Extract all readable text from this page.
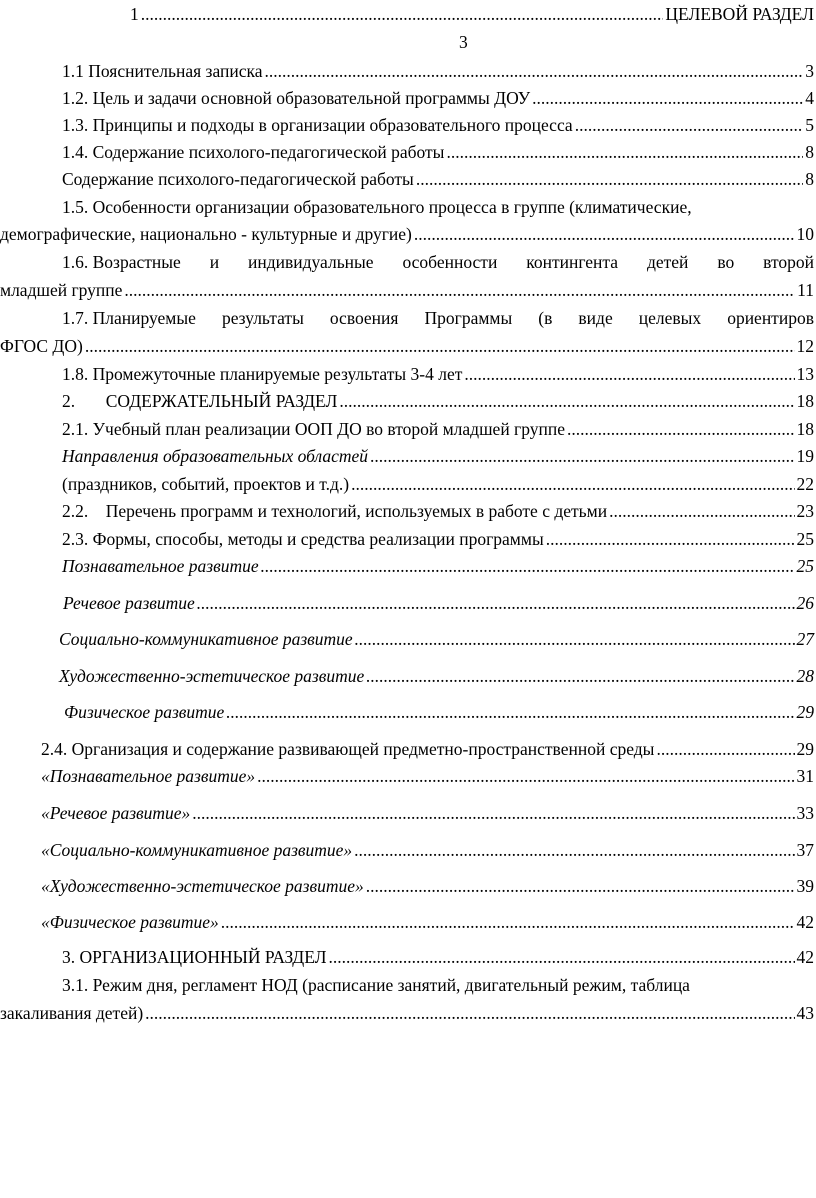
1 .....	ЦЕЛЕВОЙ РАЗДЕЛ
3
1.1 Пояснительная записка .....	3
1.2. Цель и задачи основной образовательной программы ДОУ .....	4
1.3. Принципы и подходы в организации образовательного процесса .....	5
1.4. Содержание психолого-педагогической работы .....	8
Содержание психолого-педагогической работы .....	8
1.5. Особенности организации образовательного процесса в группе (климатические,
демографические, национально - культурные и другие) .....	10
1.6. Возрастные и индивидуальные особенности контингента детей во второй
младшей группе .....	11
1.7. Планируемые результаты освоения Программы (в виде целевых ориентиров
ФГОС ДО) .....	12
1.8. Промежуточные планируемые результаты 3-4 лет .....	13
2.       СОДЕРЖАТЕЛЬНЫЙ РАЗДЕЛ .....	18
2.1. Учебный план реализации ООП ДО во второй младшей группе .....	18
Направления образовательных областей .....	19
(праздников, событий, проектов и т.д.) .....	22
2.2.    Перечень программ и технологий, используемых в работе с детьми .....	23
2.3. Формы, способы, методы и средства реализации программы .....	25
Познавательное развитие .....	25
Речевое развитие .....	26
Социально-коммуникативное развитие .....	27
Художественно-эстетическое развитие .....	28
Физическое развитие .....	29
2.4. Организация и содержание развивающей предметно-пространственной среды .....	29
«Познавательное развитие» .....	31
«Речевое развитие» .....	33
«Социально-коммуникативное развитие» .....	37
«Художественно-эстетическое развитие» .....	39
«Физическое развитие» .....	42
3. ОРГАНИЗАЦИОННЫЙ РАЗДЕЛ .....	42
3.1. Режим дня, регламент НОД (расписание занятий, двигательный режим, таблица
закаливания детей) .....	43
